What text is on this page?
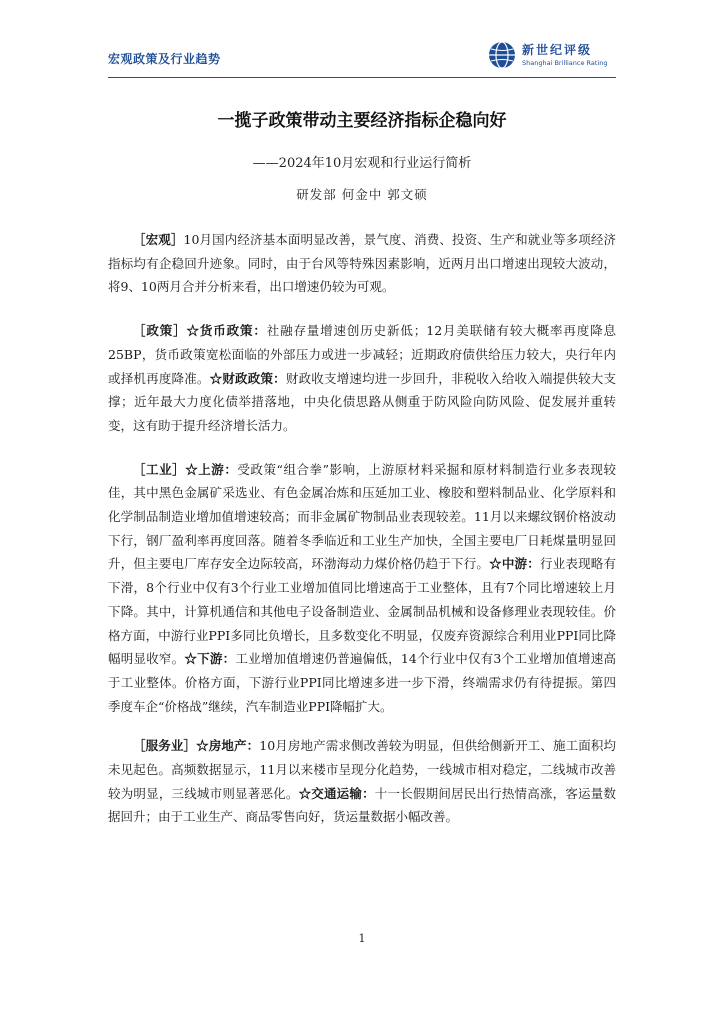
宏观政策及行业趋势
新世纪评级
Shanghai Brilliance Rating
一揽子政策带动主要经济指标企稳向好
——2024年10月宏观和行业运行简析
研发部 何金中 郭文硕

［宏观］10月国内经济基本面明显改善，景气度、消费、投资、生产和就业等多项经济指标均有企稳回升迹象。同时，由于台风等特殊因素影响，近两月出口增速出现较大波动，将9、10两月合并分析来看，出口增速仍较为可观。

［政策］☆货币政策：社融存量增速创历史新低；12月美联储有较大概率再度降息25BP，货币政策宽松面临的外部压力或进一步减轻；近期政府债供给压力较大，央行年内或择机再度降准。☆财政政策：财政收支增速均进一步回升，非税收入给收入端提供较大支撑；近年最大力度化债举措落地，中央化债思路从侧重于防风险向防风险、促发展并重转变，这有助于提升经济增长活力。

［工业］☆上游：受政策“组合拳”影响，上游原材料采掘和原材料制造行业多表现较佳，其中黑色金属矿采选业、有色金属冶炼和压延加工业、橡胶和塑料制品业、化学原料和化学制品制造业增加值增速较高；而非金属矿物制品业表现较差。11月以来螺纹钢价格波动下行，钢厂盈利率再度回落。随着冬季临近和工业生产加快，全国主要电厂日耗煤量明显回升，但主要电厂库存安全边际较高，环渤海动力煤价格仍趋于下行。☆中游：行业表现略有下滑，8个行业中仅有3个行业工业增加值同比增速高于工业整体，且有7个同比增速较上月下降。其中，计算机通信和其他电子设备制造业、金属制品机械和设备修理业表现较佳。价格方面，中游行业PPI多同比负增长，且多数变化不明显，仅废弃资源综合利用业PPI同比降幅明显收窄。☆下游：工业增加值增速仍普遍偏低，14个行业中仅有3个工业增加值增速高于工业整体。价格方面，下游行业PPI同比增速多进一步下滑，终端需求仍有待提振。第四季度车企“价格战”继续，汽车制造业PPI降幅扩大。

［服务业］☆房地产：10月房地产需求侧改善较为明显，但供给侧新开工、施工面积均未见起色。高频数据显示，11月以来楼市呈现分化趋势，一线城市相对稳定，二线城市改善较为明显，三线城市则显著恶化。☆交通运输：十一长假期间居民出行热情高涨，客运量数据回升；由于工业生产、商品零售向好，货运量数据小幅改善。

1
